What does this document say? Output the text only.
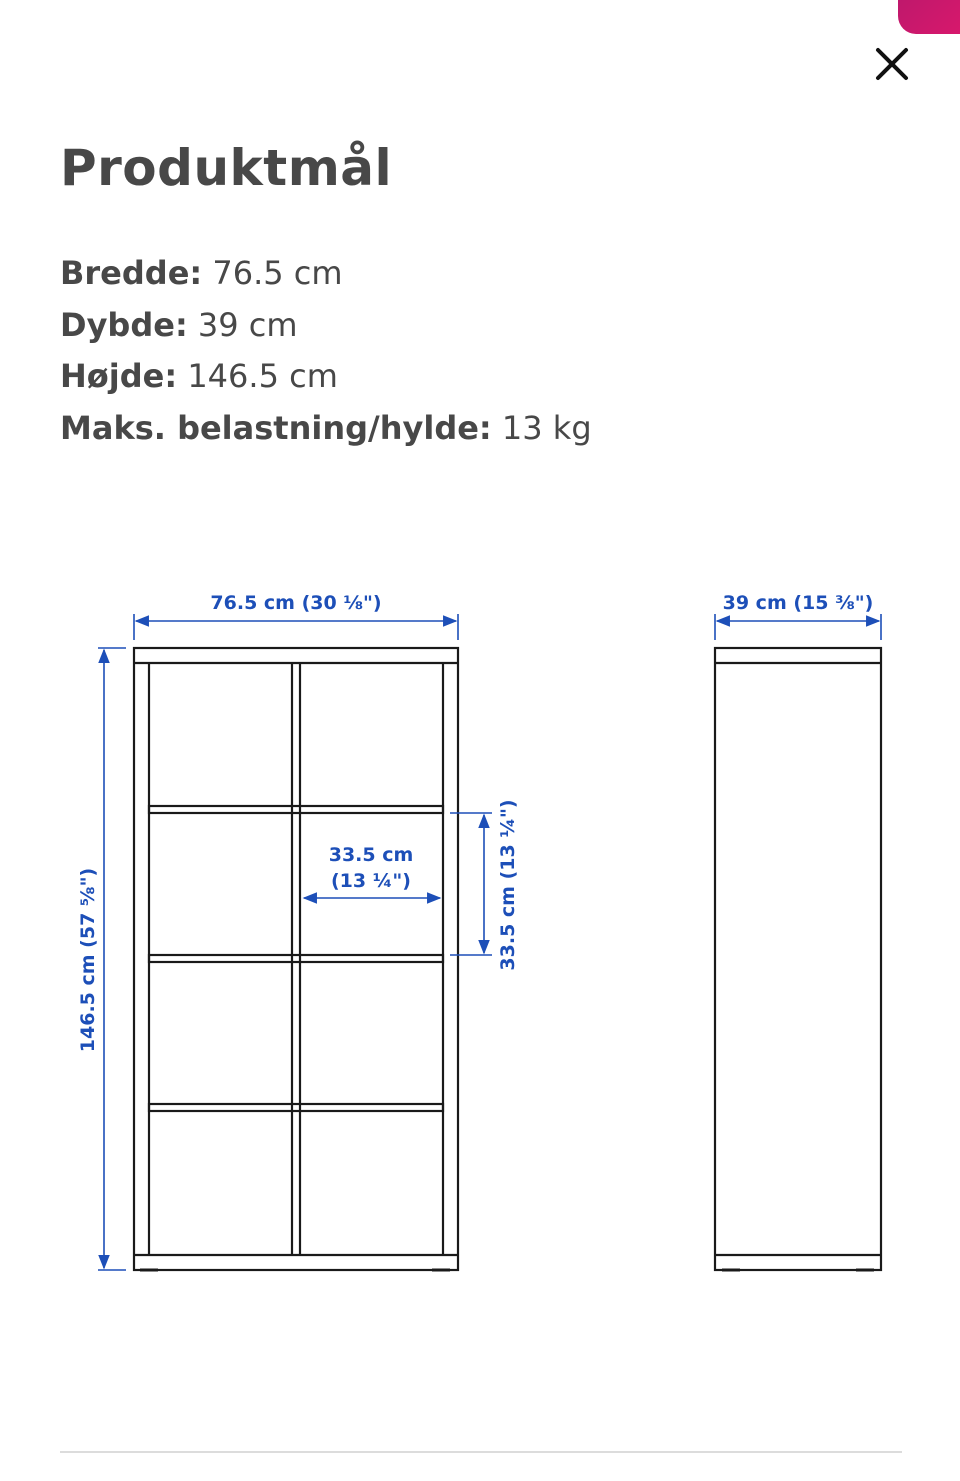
Produktmål
Bredde: 76.5 cm
Dybde: 39 cm
Højde: 146.5 cm
Maks. belastning/hylde: 13 kg
76.5 cm (30 ⅛")
146.5 cm (57 ⅝")
33.5 cm
(13 ¼")	33.5 cm (13 ¼")
39 cm (15 ⅜")
